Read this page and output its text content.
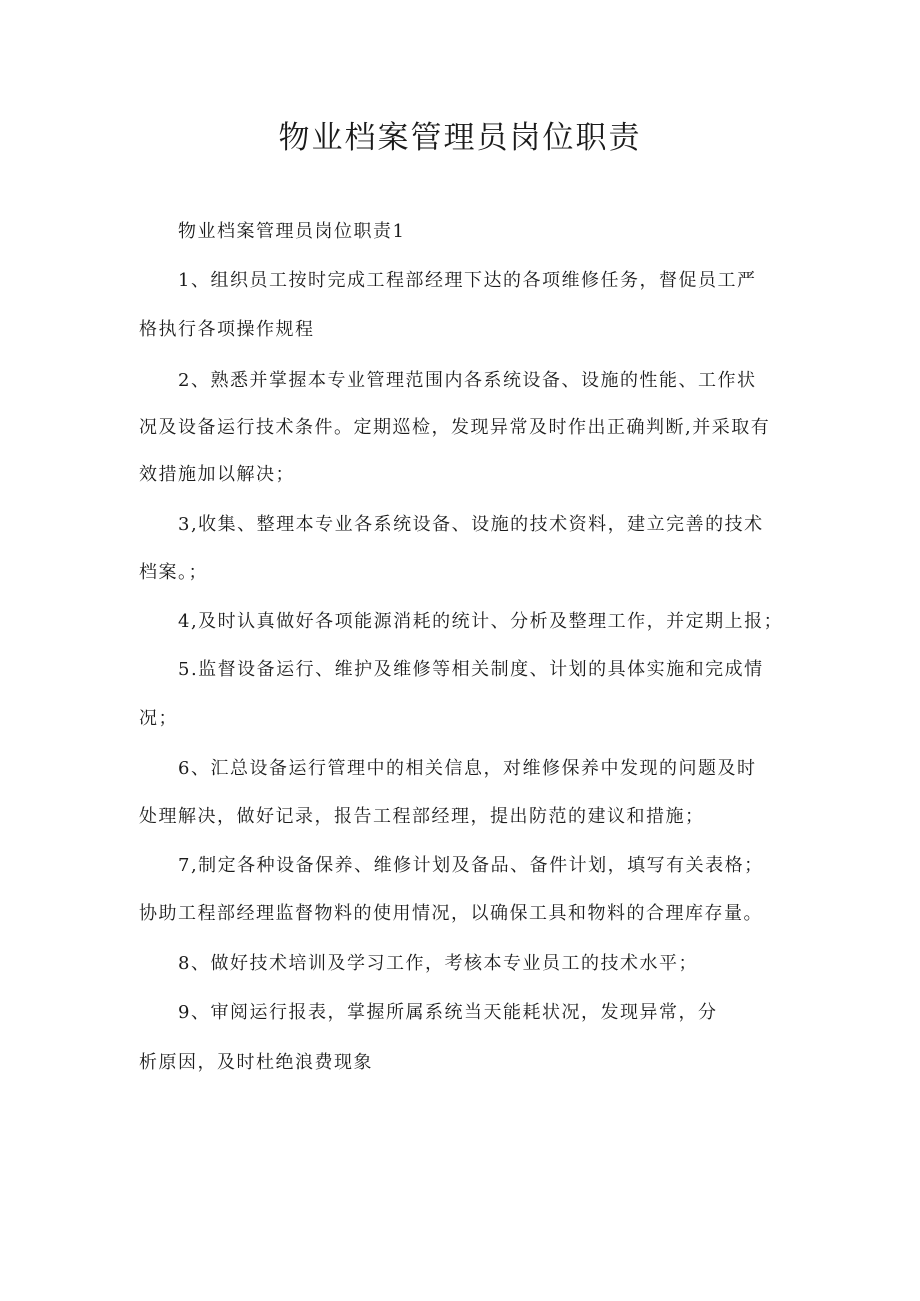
物业档案管理员岗位职责
物业档案管理员岗位职责1
1、组织员工按时完成工程部经理下达的各项维修任务，督促员工严
格执行各项操作规程
2、熟悉并掌握本专业管理范围内各系统设备、设施的性能、工作状
况及设备运行技术条件。定期巡检，发现异常及时作出正确判断,并采取有
效措施加以解决；
3,收集、整理本专业各系统设备、设施的技术资料，建立完善的技术
档案。；
4,及时认真做好各项能源消耗的统计、分析及整理工作，并定期上报；
5.监督设备运行、维护及维修等相关制度、计划的具体实施和完成情
况；
6、汇总设备运行管理中的相关信息，对维修保养中发现的问题及时
处理解决，做好记录，报告工程部经理，提出防范的建议和措施；
7,制定各种设备保养、维修计划及备品、备件计划，填写有关表格；
协助工程部经理监督物料的使用情况，以确保工具和物料的合理库存量。
8、做好技术培训及学习工作，考核本专业员工的技术水平；
9、审阅运行报表，掌握所属系统当天能耗状况，发现异常，分
析原因，及时杜绝浪费现象
